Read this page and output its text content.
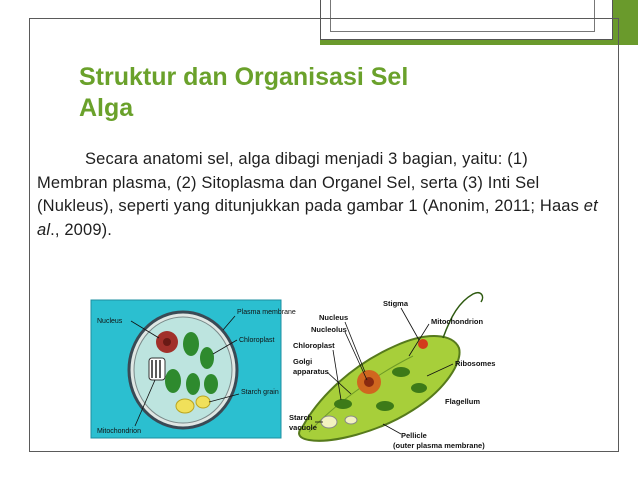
Struktur dan Organisasi Sel
Alga

Secara anatomi sel, alga dibagi menjadi 3 bagian, yaitu: (1) Membran plasma, (2) Sitoplasma dan Organel Sel, serta (3) Inti Sel (Nukleus), seperti yang ditunjukkan pada gambar 1 (Anonim, 2011; Haas et al., 2009).

Nucleus
Plasma membrane
Chloroplast
Starch grain
Mitochondrion
Stigma
Nucleus
Nucleolus
Chloroplast
Golgi
apparatus
Starch
vacuole
Mitochondrion
Ribosomes
Flagellum
Pellicle
(outer plasma membrane)
